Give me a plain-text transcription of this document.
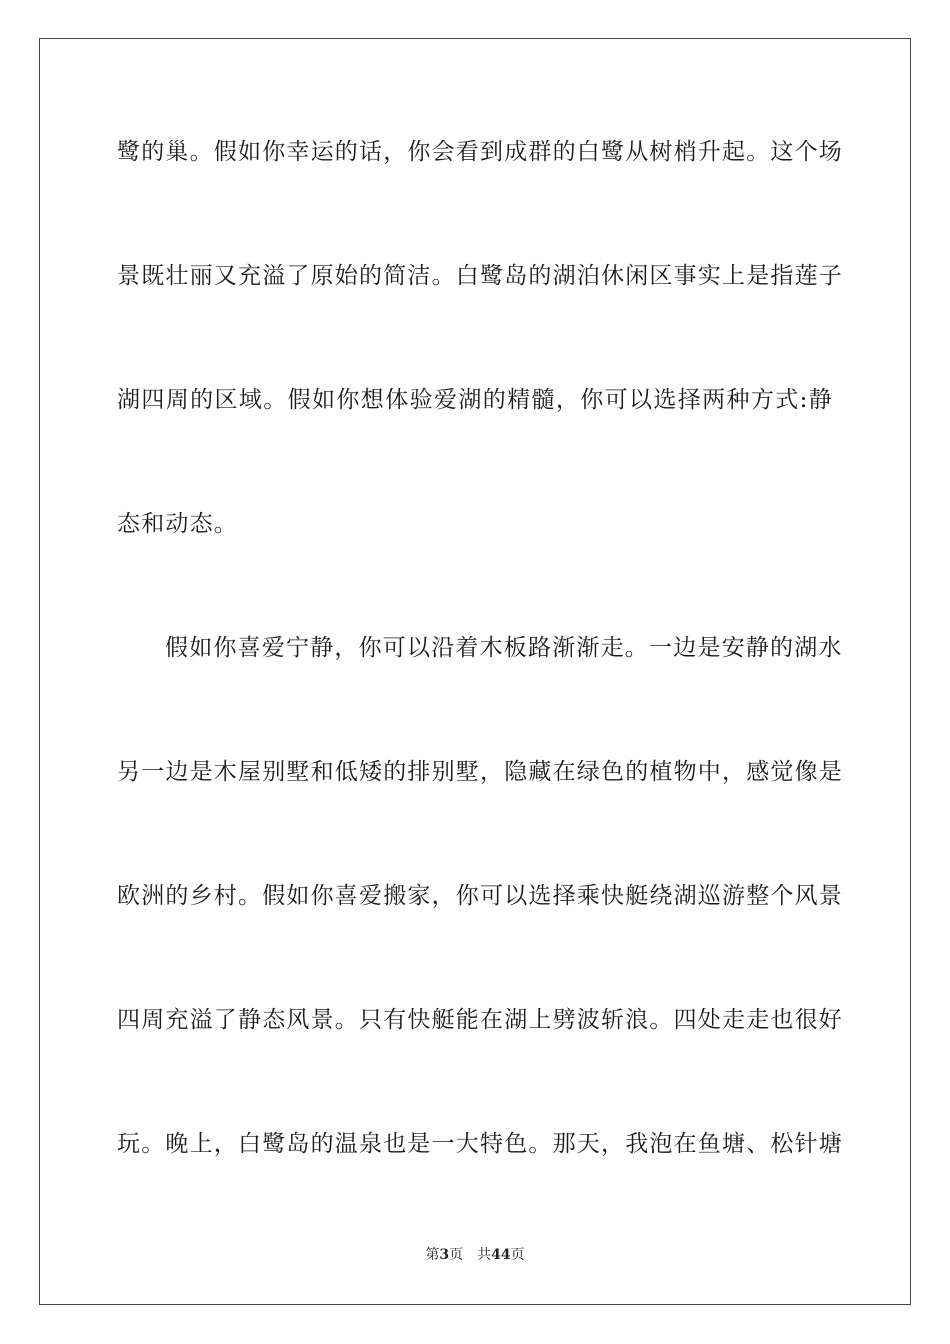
鹭的巢。假如你幸运的话，你会看到成群的白鹭从树梢升起。这个场
景既壮丽又充溢了原始的简洁。白鹭岛的湖泊休闲区事实上是指莲子
湖四周的区域。假如你想体验爱湖的精髓，你可以选择两种方式:静
态和动态。
假如你喜爱宁静，你可以沿着木板路渐渐走。一边是安静的湖水
另一边是木屋别墅和低矮的排别墅，隐藏在绿色的植物中，感觉像是
欧洲的乡村。假如你喜爱搬家，你可以选择乘快艇绕湖巡游整个风景
四周充溢了静态风景。只有快艇能在湖上劈波斩浪。四处走走也很好
玩。晚上，白鹭岛的温泉也是一大特色。那天，我泡在鱼塘、松针塘
第3页 共44页
